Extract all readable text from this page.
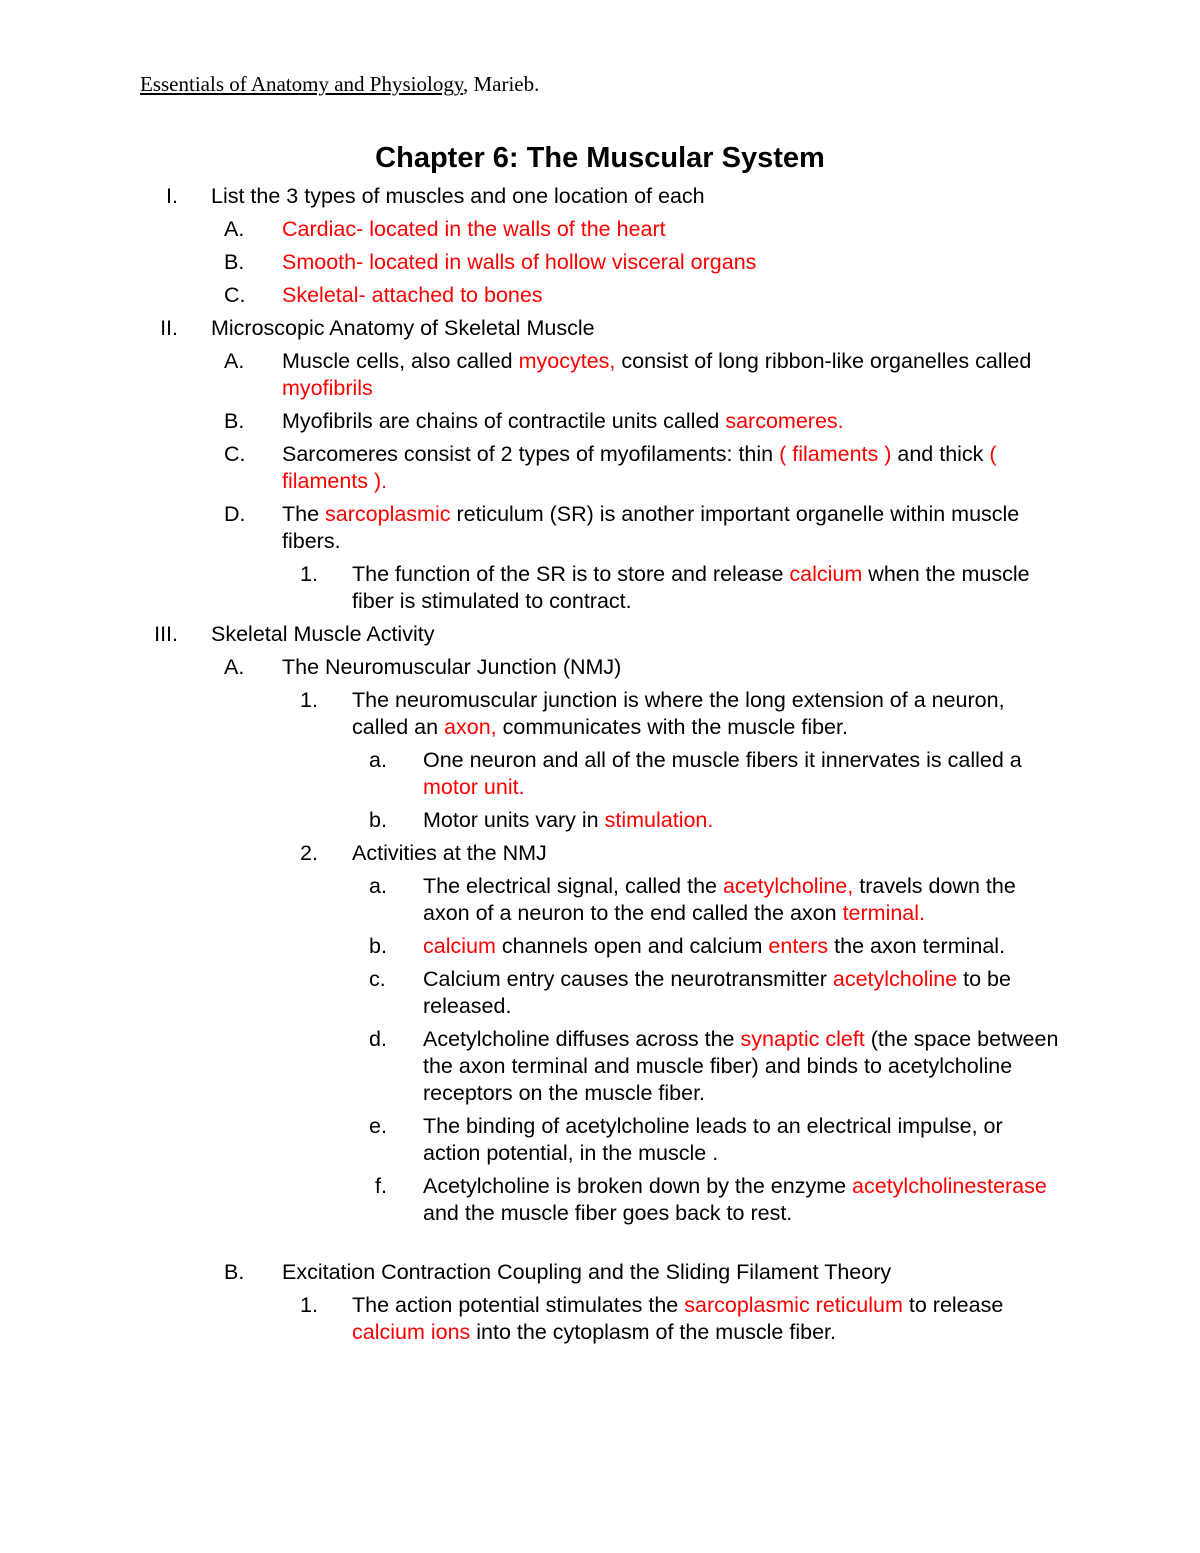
Essentials of Anatomy and Physiology, Marieb.
Chapter 6: The Muscular System
I. List the 3 types of muscles and one location of each
A. Cardiac- located in the walls of the heart
B. Smooth- located in walls of hollow visceral organs
C. Skeletal- attached to bones
II. Microscopic Anatomy of Skeletal Muscle
A. Muscle cells, also called myocytes, consist of long ribbon-like organelles called myofibrils
B. Myofibrils are chains of contractile units called sarcomeres.
C. Sarcomeres consist of 2 types of myofilaments: thin ( filaments ) and thick ( filaments ).
D. The sarcoplasmic reticulum (SR) is another important organelle within muscle fibers.
1. The function of the SR is to store and release calcium when the muscle fiber is stimulated to contract.
III. Skeletal Muscle Activity
A. The Neuromuscular Junction (NMJ)
1. The neuromuscular junction is where the long extension of a neuron, called an axon, communicates with the muscle fiber.
a. One neuron and all of the muscle fibers it innervates is called a motor unit.
b. Motor units vary in stimulation.
2. Activities at the NMJ
a. The electrical signal, called the acetylcholine, travels down the axon of a neuron to the end called the axon terminal.
b. calcium channels open and calcium enters the axon terminal.
c. Calcium entry causes the neurotransmitter acetylcholine to be released.
d. Acetylcholine diffuses across the synaptic cleft (the space between the axon terminal and muscle fiber) and binds to acetylcholine receptors on the muscle fiber.
e. The binding of acetylcholine leads to an electrical impulse, or action potential, in the muscle .
f. Acetylcholine is broken down by the enzyme acetylcholinesterase and the muscle fiber goes back to rest.
B. Excitation Contraction Coupling and the Sliding Filament Theory
1. The action potential stimulates the sarcoplasmic reticulum to release calcium ions into the cytoplasm of the muscle fiber.
